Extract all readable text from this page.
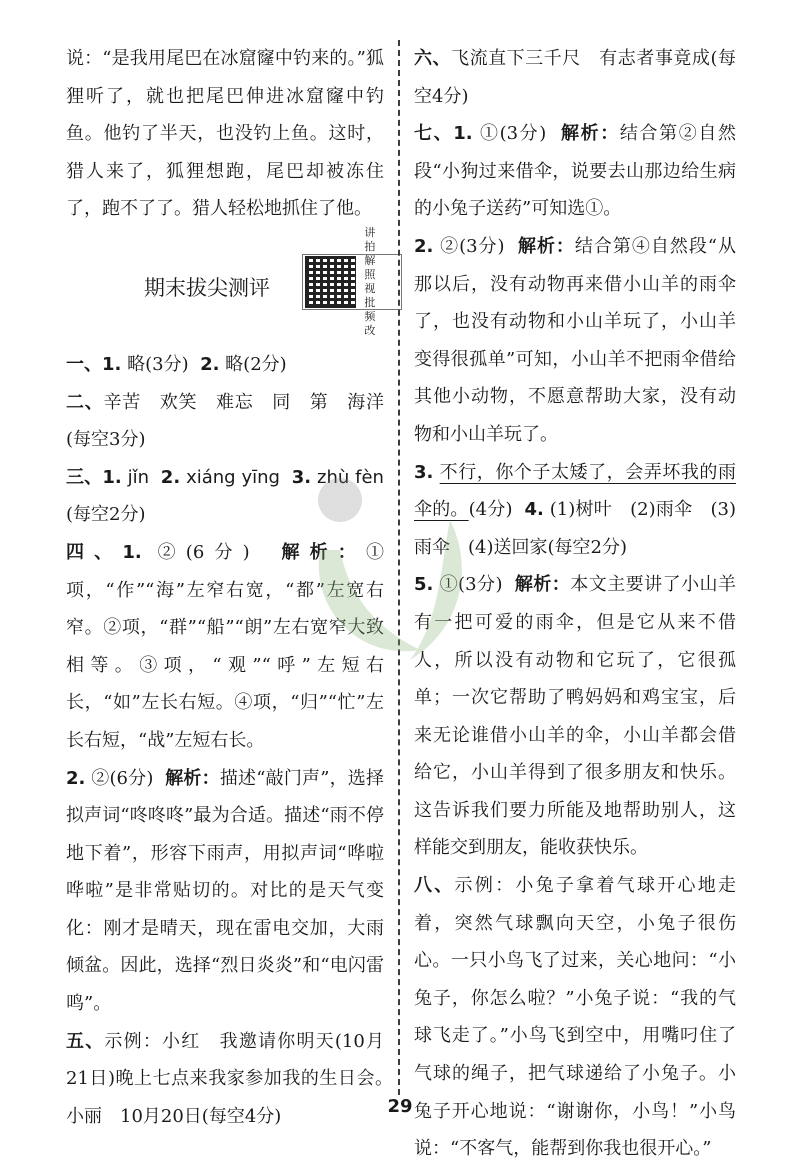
说：“是我用尾巴在冰窟窿中钓来的。”狐狸听了，就也把尾巴伸进冰窟窿中钓鱼。他钓了半天，也没钓上鱼。这时，猎人来了，狐狸想跑，尾巴却被冻住了，跑不了了。猎人轻松地抓住了他。

期末拔尖测评
讲
拍
解
照
视
批
频
改

一、1. 略(3分) 2. 略(2分)

二、辛苦　欢笑　难忘　同　第　海洋(每空3分)

三、1. jǐn 2. xiáng yīng 3. zhù fèn (每空2分)

四、1. ②(6分) 解析：①项，“作”“海”左窄右宽，“都”左宽右窄。②项，“群”“船”“朗”左右宽窄大致相等。③项，“观”“呼”左短右长，“如”左长右短。④项，“归”“忙”左长右短，“战”左短右长。

2. ②(6分) 解析：描述“敲门声”，选择拟声词“咚咚咚”最为合适。描述“雨不停地下着”，形容下雨声，用拟声词“哗啦哗啦”是非常贴切的。对比的是天气变化：刚才是晴天，现在雷电交加，大雨倾盆。因此，选择“烈日炎炎”和“电闪雷鸣”。

五、示例：小红　我邀请你明天(10月21日)晚上七点来我家参加我的生日会。　小丽　10月20日(每空4分)

六、飞流直下三千尺　有志者事竟成(每空4分)

七、1. ①(3分) 解析：结合第②自然段“小狗过来借伞，说要去山那边给生病的小兔子送药”可知选①。

2. ②(3分) 解析：结合第④自然段“从那以后，没有动物再来借小山羊的雨伞了，也没有动物和小山羊玩了，小山羊变得很孤单”可知，小山羊不把雨伞借给其他小动物，不愿意帮助大家，没有动物和小山羊玩了。

3. 不行，你个子太矮了，会弄坏我的雨伞的。(4分) 4. (1)树叶　(2)雨伞　(3)雨伞　(4)送回家(每空2分)

5. ①(3分) 解析：本文主要讲了小山羊有一把可爱的雨伞，但是它从来不借人，所以没有动物和它玩了，它很孤单；一次它帮助了鸭妈妈和鸡宝宝，后来无论谁借小山羊的伞，小山羊都会借给它，小山羊得到了很多朋友和快乐。这告诉我们要力所能及地帮助别人，这样能交到朋友，能收获快乐。

八、示例：小兔子拿着气球开心地走着，突然气球飘向天空，小兔子很伤心。一只小鸟飞了过来，关心地问：“小兔子，你怎么啦？”小兔子说：“我的气球飞走了。”小鸟飞到空中，用嘴叼住了气球的绳子，把气球递给了小兔子。小兔子开心地说：“谢谢你，小鸟！”小鸟说：“不客气，能帮到你我也很开心。”

29
